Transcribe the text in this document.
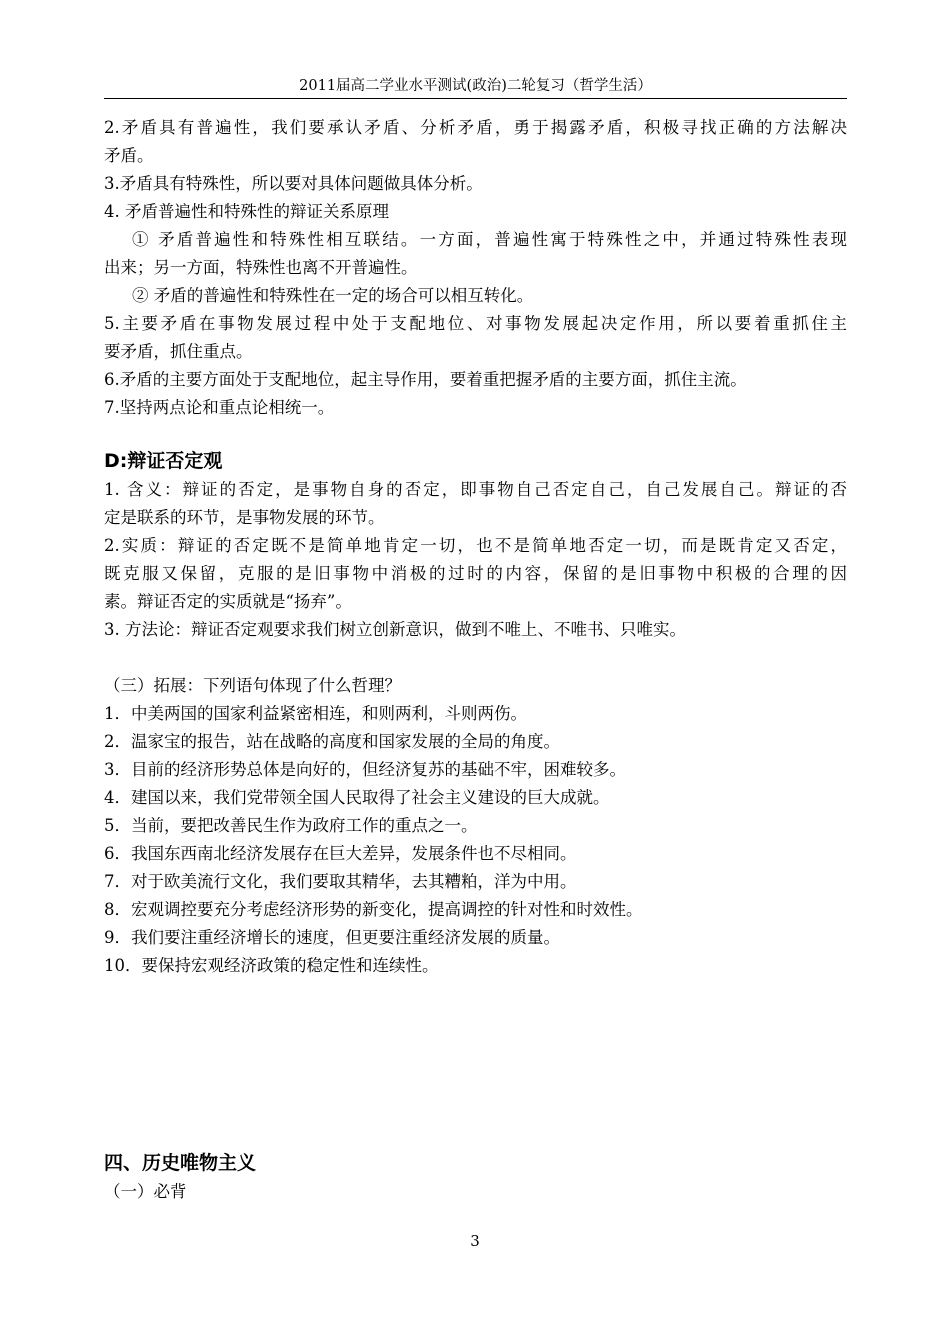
2011届高二学业水平测试(政治)二轮复习（哲学生活）
2.矛盾具有普遍性，我们要承认矛盾、分析矛盾，勇于揭露矛盾，积极寻找正确的方法解决
矛盾。
3.矛盾具有特殊性，所以要对具体问题做具体分析。
4. 矛盾普遍性和特殊性的辩证关系原理
① 矛盾普遍性和特殊性相互联结。一方面，普遍性寓于特殊性之中，并通过特殊性表现
出来；另一方面，特殊性也离不开普遍性。
② 矛盾的普遍性和特殊性在一定的场合可以相互转化。
5.主要矛盾在事物发展过程中处于支配地位、对事物发展起决定作用，所以要着重抓住主
要矛盾，抓住重点。
6.矛盾的主要方面处于支配地位，起主导作用，要着重把握矛盾的主要方面，抓住主流。
7.坚持两点论和重点论相统一。
D:辩证否定观
1. 含义：辩证的否定，是事物自身的否定，即事物自己否定自己，自己发展自己。辩证的否
定是联系的环节，是事物发展的环节。
2.实质：辩证的否定既不是简单地肯定一切，也不是简单地否定一切，而是既肯定又否定，
既克服又保留，克服的是旧事物中消极的过时的内容，保留的是旧事物中积极的合理的因
素。辩证否定的实质就是“扬弃”。
3. 方法论：辩证否定观要求我们树立创新意识，做到不唯上、不唯书、只唯实。
（三）拓展：下列语句体现了什么哲理？
1．中美两国的国家利益紧密相连，和则两利，斗则两伤。
2．温家宝的报告，站在战略的高度和国家发展的全局的角度。
3．目前的经济形势总体是向好的，但经济复苏的基础不牢，困难较多。
4．建国以来，我们党带领全国人民取得了社会主义建设的巨大成就。
5．当前，要把改善民生作为政府工作的重点之一。
6．我国东西南北经济发展存在巨大差异，发展条件也不尽相同。
7．对于欧美流行文化，我们要取其精华，去其糟粕，洋为中用。
8．宏观调控要充分考虑经济形势的新变化，提高调控的针对性和时效性。
9．我们要注重经济增长的速度，但更要注重经济发展的质量。
10．要保持宏观经济政策的稳定性和连续性。
四、历史唯物主义
（一）必背
3
